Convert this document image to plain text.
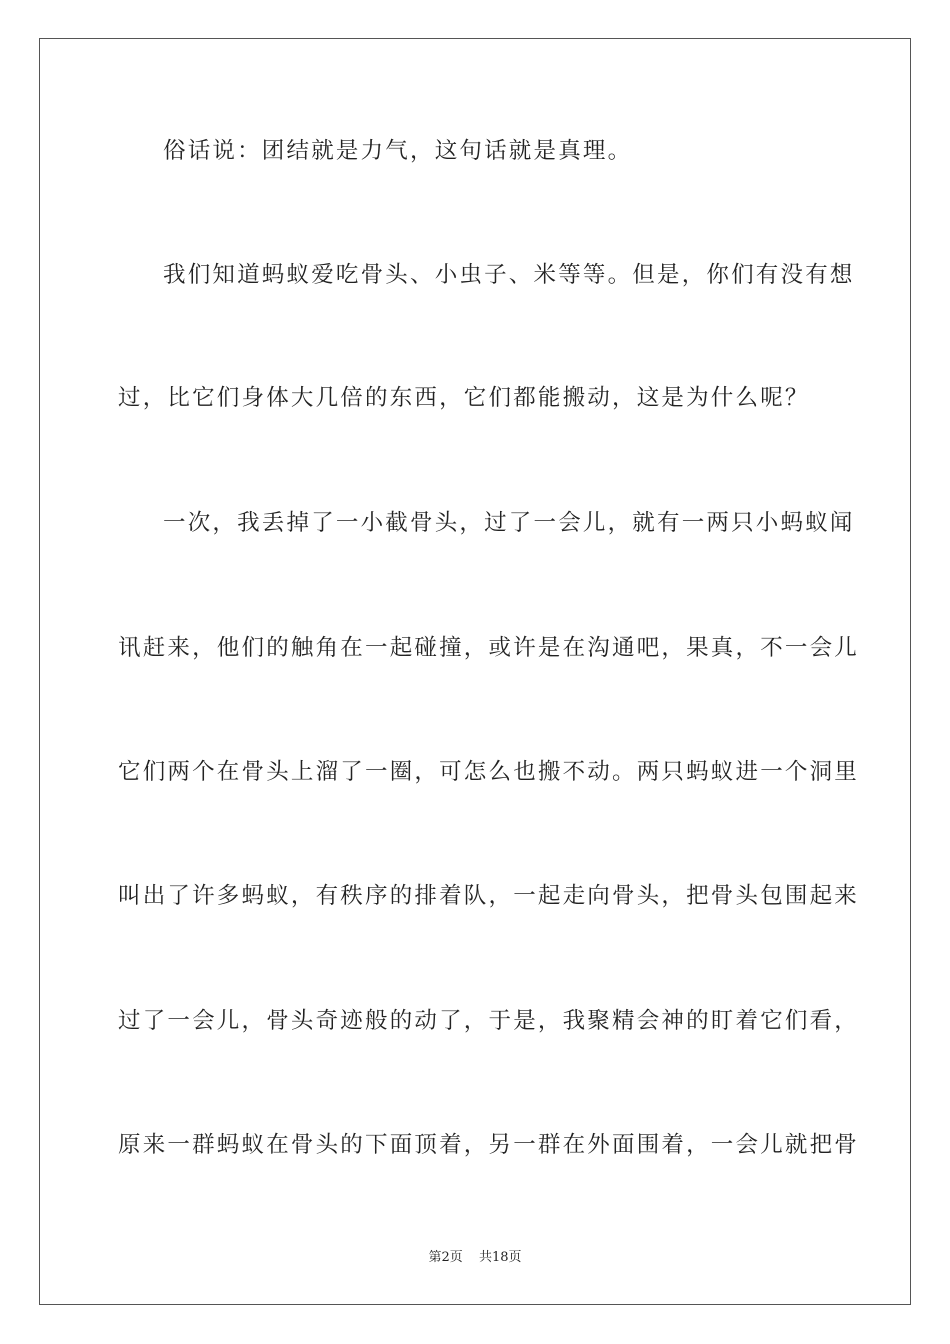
俗话说：团结就是力气，这句话就是真理。
我们知道蚂蚁爱吃骨头、小虫子、米等等。但是，你们有没有想
过，比它们身体大几倍的东西，它们都能搬动，这是为什么呢？
一次，我丢掉了一小截骨头，过了一会儿，就有一两只小蚂蚁闻
讯赶来，他们的触角在一起碰撞，或许是在沟通吧，果真，不一会儿
它们两个在骨头上溜了一圈，可怎么也搬不动。两只蚂蚁进一个洞里
叫出了许多蚂蚁，有秩序的排着队，一起走向骨头，把骨头包围起来
过了一会儿，骨头奇迹般的动了，于是，我聚精会神的盯着它们看，
原来一群蚂蚁在骨头的下面顶着，另一群在外面围着，一会儿就把骨
第2页 共18页
